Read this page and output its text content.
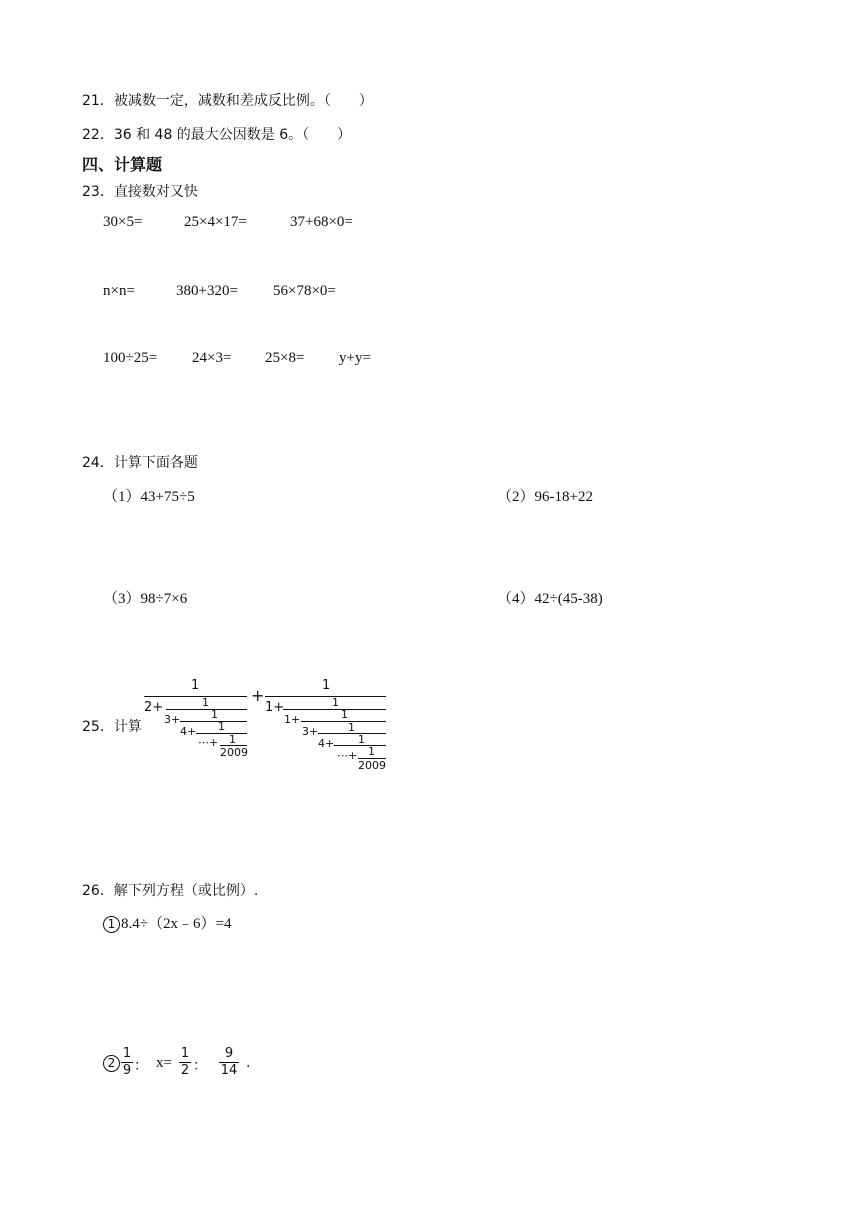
21．被减数一定，减数和差成反比例。（　　）
22．36 和 48 的最大公因数是 6。（　　）
四、计算题
23．直接数对又快
30×5=	25×4×17=	37+68×0=
n×n=	380+320= 56×78×0=
100÷25= 24×3= 25×8= y+y=
24．计算下面各题
（1）43+75÷5	（2）96-18+22
（3）98÷7×6	（4）42÷(45-38)
25．计算
1
2+	1
3+	1
4+ 1
⋯+ 1
2009
+
1
1+	1
1+	1
3+	1
4+ 1
⋯+ 1
2009
26．解下列方程（或比例）.
1 8.4÷（2x﹣6）=4
2
1
9 ： x=
1
2 ：
9
14 .
